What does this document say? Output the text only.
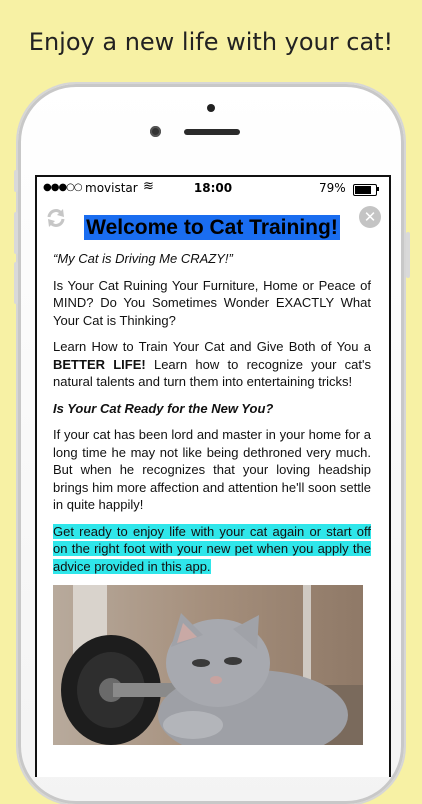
Enjoy a new life with your cat!
●●●○○ movistar ≋	18:00	79%
✕
Welcome to Cat Training!

“My Cat is Driving Me CRAZY!”

Is Your Cat Ruining Your Furniture, Home or Peace of MIND? Do You Sometimes Wonder EXACTLY What Your Cat is Thinking?

Learn How to Train Your Cat and Give Both of You a BETTER LIFE! Learn how to recognize your cat's natural talents and turn them into entertaining tricks!

Is Your Cat Ready for the New You?

If your cat has been lord and master in your home for a long time he may not like being dethroned very much. But when he recognizes that your loving headship brings him more affection and attention he'll soon settle in quite happily!

Get ready to enjoy life with your cat again or start off on the right foot with your new pet when you apply the advice provided in this app.
